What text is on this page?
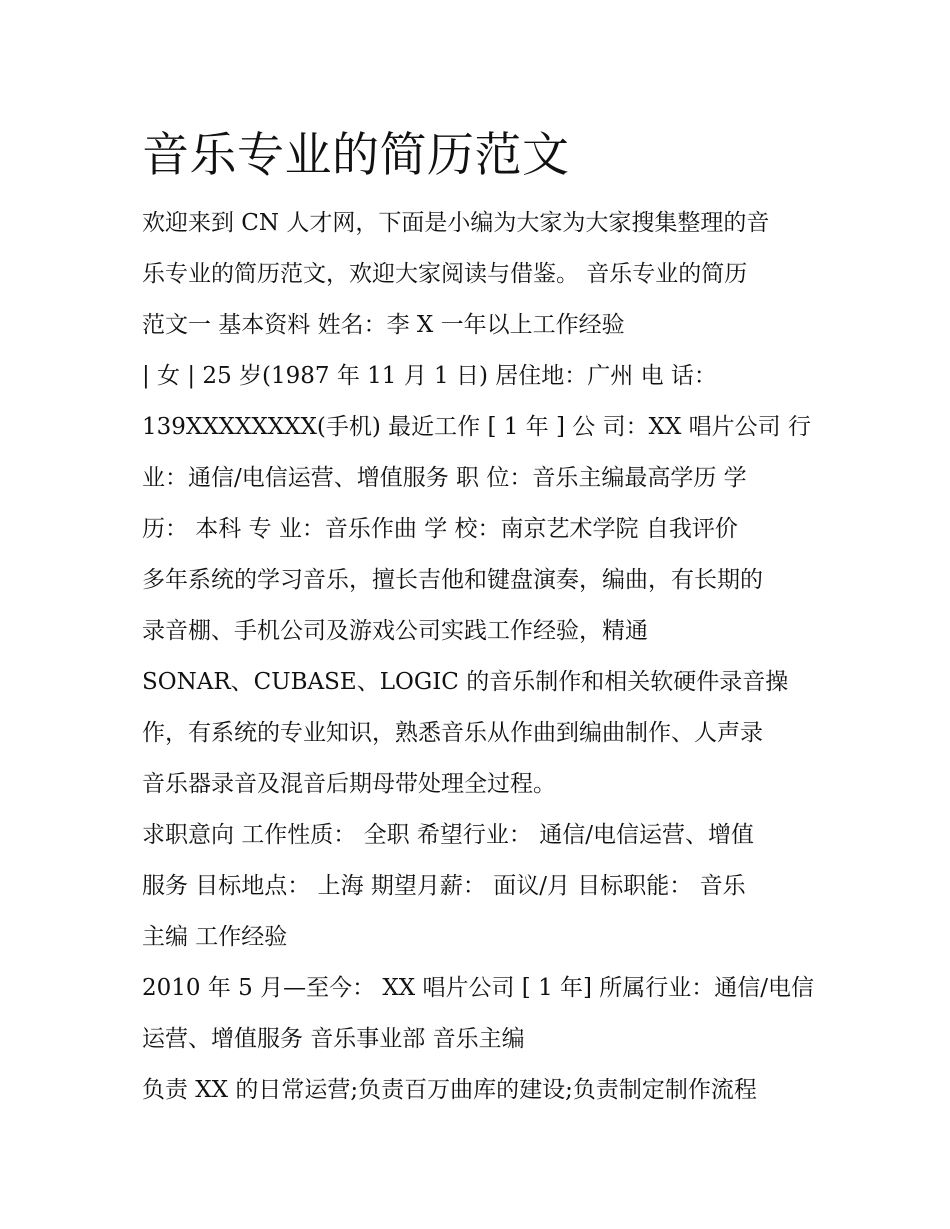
音乐专业的简历范文
欢迎来到 CN 人才网，下面是小编为大家为大家搜集整理的音
乐专业的简历范文，欢迎大家阅读与借鉴。 音乐专业的简历
范文一 基本资料 姓名：李 X 一年以上工作经验
| 女 | 25 岁(1987 年 11 月 1 日) 居住地：广州 电 话：
139XXXXXXXX(手机) 最近工作 [ 1 年 ] 公 司：XX 唱片公司 行
业：通信/电信运营、增值服务 职 位：音乐主编最高学历 学
历： 本科 专 业：音乐作曲 学 校：南京艺术学院 自我评价
多年系统的学习音乐，擅长吉他和键盘演奏，编曲，有长期的
录音棚、手机公司及游戏公司实践工作经验，精通
SONAR、CUBASE、LOGIC 的音乐制作和相关软硬件录音操
作，有系统的专业知识，熟悉音乐从作曲到编曲制作、人声录
音乐器录音及混音后期母带处理全过程。
求职意向 工作性质： 全职 希望行业： 通信/电信运营、增值
服务 目标地点： 上海 期望月薪： 面议/月 目标职能： 音乐
主编 工作经验
2010 年 5 月—至今： XX 唱片公司 [ 1 年] 所属行业：通信/电信
运营、增值服务 音乐事业部 音乐主编
负责 XX 的日常运营;负责百万曲库的建设;负责制定制作流程
